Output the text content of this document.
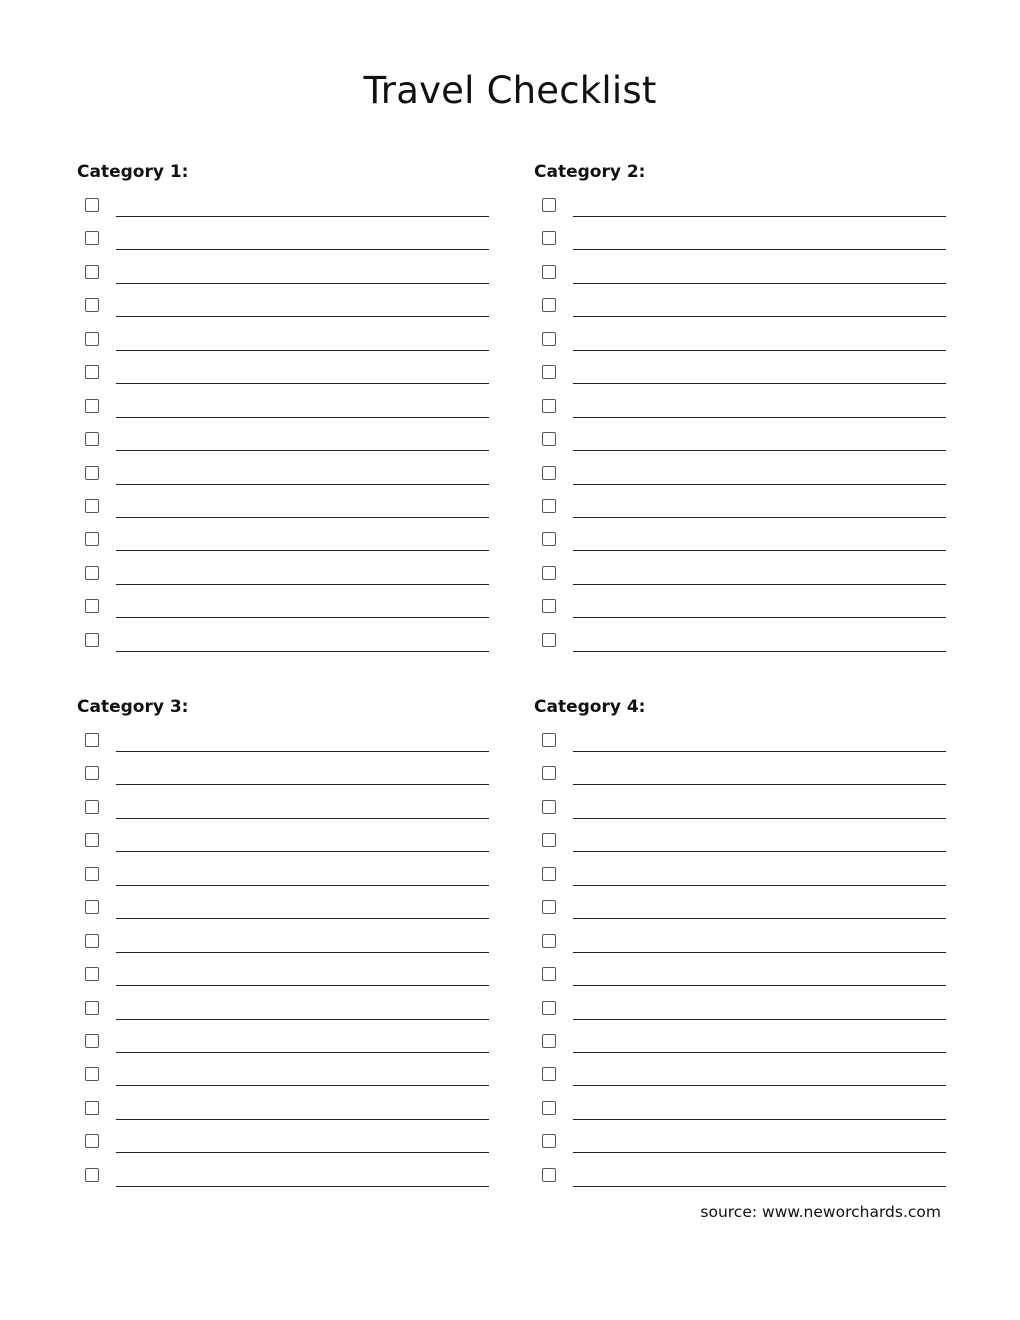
Travel Checklist
Category 1:	Category 2:
Category 3:	Category 4:
source: www.neworchards.com
